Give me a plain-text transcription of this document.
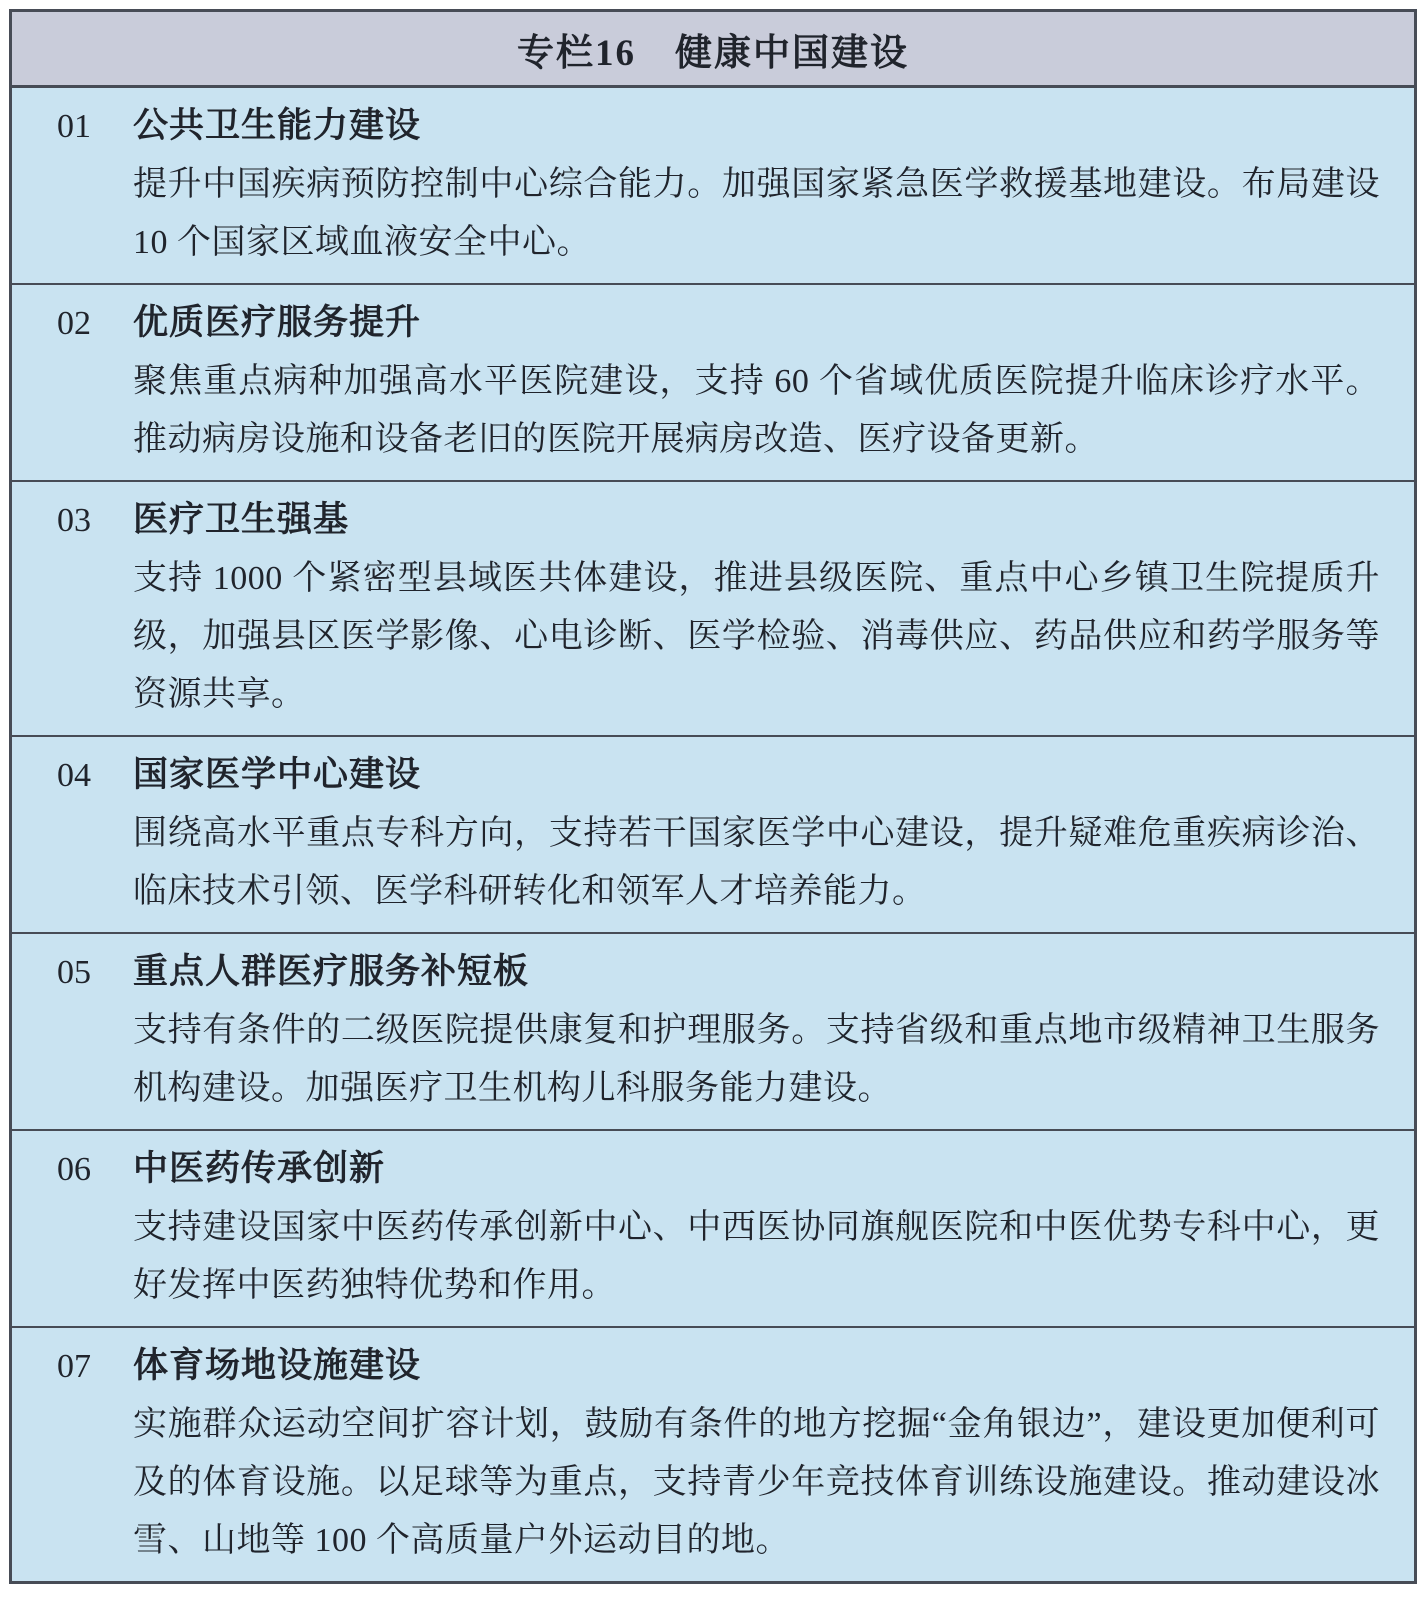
专栏16　健康中国建设
01	公共卫生能力建设
提升中国疾病预防控制中心综合能力。加强国家紧急医学救援基地建设。布局建设 10 个国家区域血液安全中心。
02	优质医疗服务提升
聚焦重点病种加强高水平医院建设，支持 60 个省域优质医院提升临床诊疗水平。推动病房设施和设备老旧的医院开展病房改造、医疗设备更新。
03	医疗卫生强基
支持 1000 个紧密型县域医共体建设，推进县级医院、重点中心乡镇卫生院提质升级，加强县区医学影像、心电诊断、医学检验、消毒供应、药品供应和药学服务等资源共享。
04	国家医学中心建设
围绕高水平重点专科方向，支持若干国家医学中心建设，提升疑难危重疾病诊治、临床技术引领、医学科研转化和领军人才培养能力。
05	重点人群医疗服务补短板
支持有条件的二级医院提供康复和护理服务。支持省级和重点地市级精神卫生服务机构建设。加强医疗卫生机构儿科服务能力建设。
06	中医药传承创新
支持建设国家中医药传承创新中心、中西医协同旗舰医院和中医优势专科中心，更好发挥中医药独特优势和作用。
07	体育场地设施建设
实施群众运动空间扩容计划，鼓励有条件的地方挖掘“金角银边”，建设更加便利可及的体育设施。以足球等为重点，支持青少年竞技体育训练设施建设。推动建设冰雪、山地等 100 个高质量户外运动目的地。
